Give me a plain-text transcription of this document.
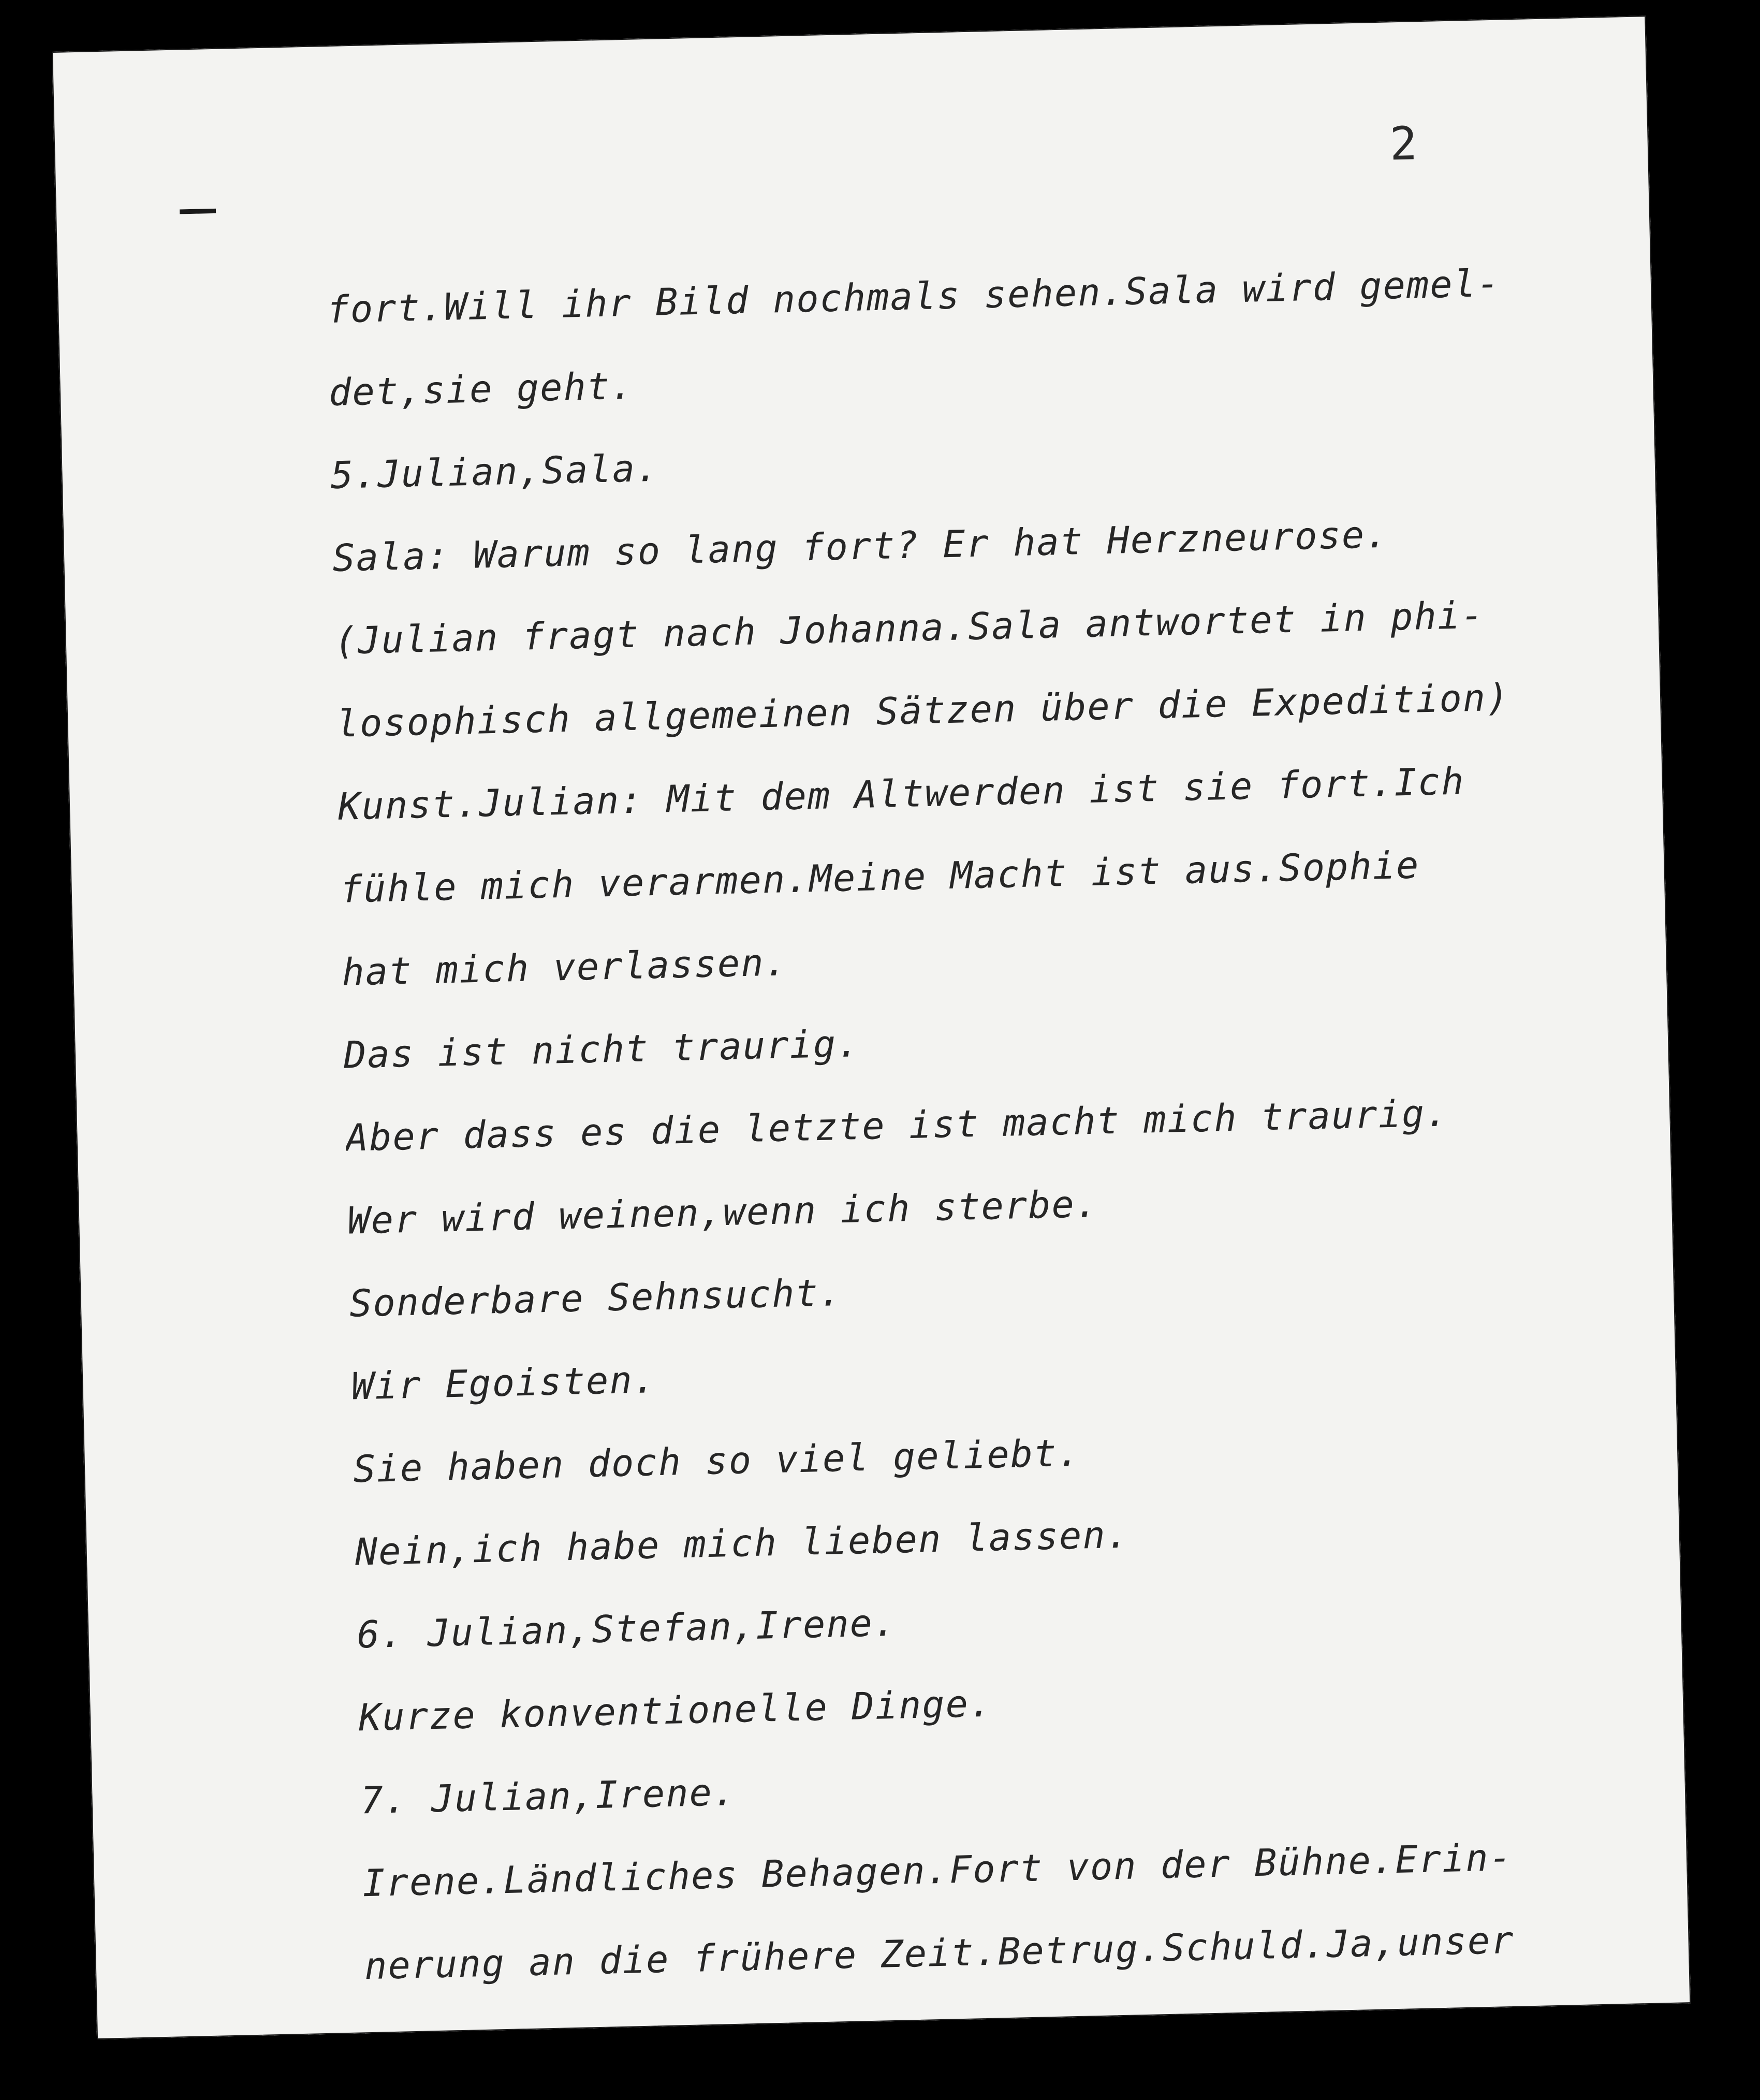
2

fort.Will ihr Bild nochmals sehen.Sala wird gemel-
det,sie geht.
5.Julian,Sala.
Sala: Warum so lang fort? Er hat Herzneurose.
(Julian fragt nach Johanna.Sala antwortet in phi-
losophisch allgemeinen Sätzen über die Expedition)
Kunst.Julian: Mit dem Altwerden ist sie fort.Ich
fühle mich verarmen.Meine Macht ist aus.Sophie
hat mich verlassen.
Das ist nicht traurig.
Aber dass es die letzte ist macht mich traurig.
Wer wird weinen,wenn ich sterbe.
Sonderbare Sehnsucht.
Wir Egoisten.
Sie haben doch so viel geliebt.
Nein,ich habe mich lieben lassen.
6. Julian,Stefan,Irene.
Kurze konventionelle Dinge.
7. Julian,Irene.
Irene.Ländliches Behagen.Fort von der Bühne.Erin-
nerung an die frühere Zeit.Betrug.Schuld.Ja,unser
